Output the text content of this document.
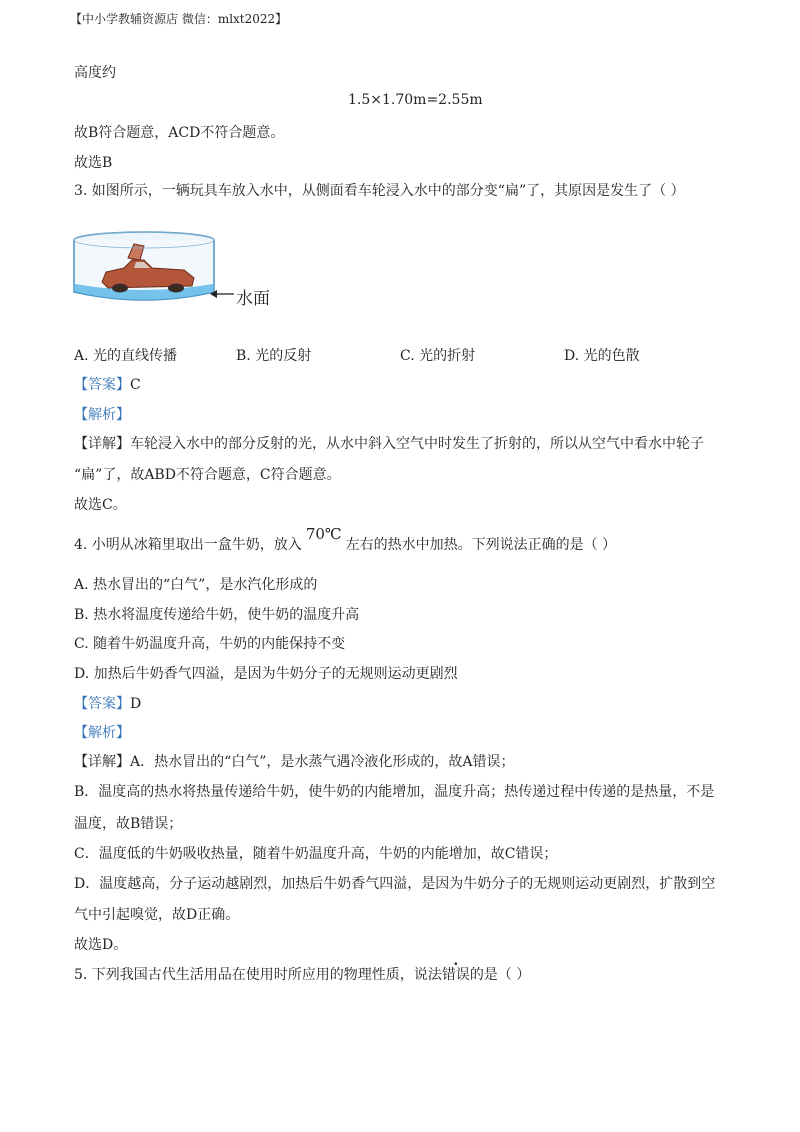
【中小学教辅资源店 微信：mlxt2022】
高度约
1.5×1.70m=2.55m
故B符合题意，ACD不符合题意。
故选B
3. 如图所示，一辆玩具车放入水中，从侧面看车轮浸入水中的部分变“扁”了，其原因是发生了（ ）
水面
A. 光的直线传播	B. 光的反射	C. 光的折射	D. 光的色散
【答案】C
【解析】
【详解】车轮浸入水中的部分反射的光，从水中斜入空气中时发生了折射的，所以从空气中看水中轮子
“扁”了，故ABD不符合题意，C符合题意。
故选C。
4. 小明从冰箱里取出一盒牛奶，放入70℃左右的热水中加热。下列说法正确的是（ ）
A. 热水冒出的“白气”，是水汽化形成的
B. 热水将温度传递给牛奶，使牛奶的温度升高
C. 随着牛奶温度升高，牛奶的内能保持不变
D. 加热后牛奶香气四溢，是因为牛奶分子的无规则运动更剧烈
【答案】D
【解析】
【详解】A．热水冒出的“白气”，是水蒸气遇冷液化形成的，故A错误；
B．温度高的热水将热量传递给牛奶，使牛奶的内能增加，温度升高；热传递过程中传递的是热量，不是
温度，故B错误；
C．温度低的牛奶吸收热量，随着牛奶温度升高，牛奶的内能增加，故C错误；
D．温度越高，分子运动越剧烈，加热后牛奶香气四溢，是因为牛奶分子的无规则运动更剧烈，扩散到空
气中引起嗅觉，故D正确。
故选D。
5. 下列我国古代生活用品在使用时所应用的物理性质，说法错误的是（ ）
